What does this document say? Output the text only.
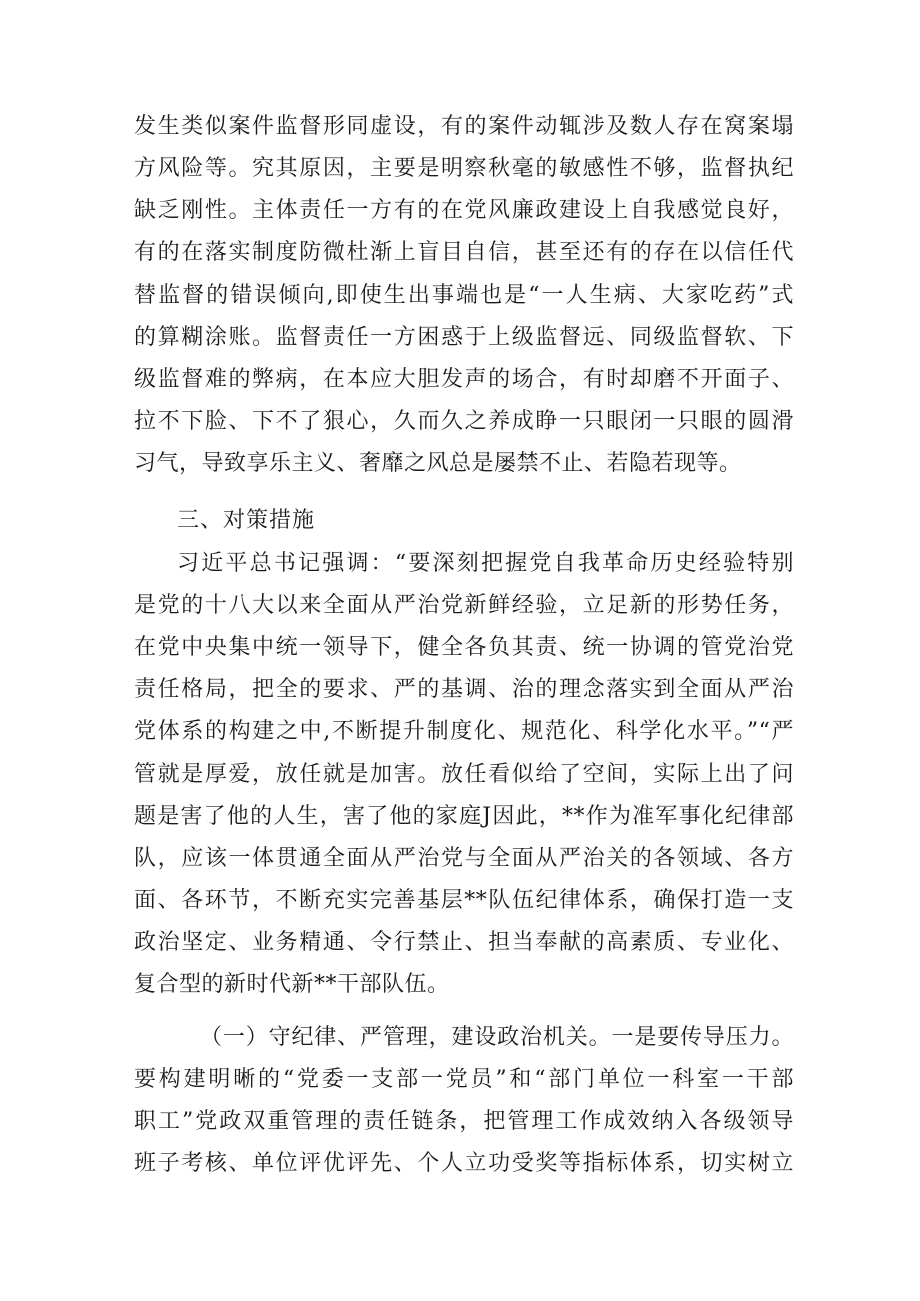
发生类似案件监督形同虚设，有的案件动辄涉及数人存在窝案塌
方风险等。究其原因，主要是明察秋毫的敏感性不够，监督执纪
缺乏刚性。主体责任一方有的在党风廉政建设上自我感觉良好，
有的在落实制度防微杜渐上盲目自信，甚至还有的存在以信任代
替监督的错误倾向,即使生出事端也是“一人生病、大家吃药”式
的算糊涂账。监督责任一方困惑于上级监督远、同级监督软、下
级监督难的弊病，在本应大胆发声的场合，有时却磨不开面子、
拉不下脸、下不了狠心，久而久之养成睁一只眼闭一只眼的圆滑
习气，导致享乐主义、奢靡之风总是屡禁不止、若隐若现等。
三、对策措施
习近平总书记强调：“要深刻把握党自我革命历史经验特别
是党的十八大以来全面从严治党新鲜经验，立足新的形势任务，
在党中央集中统一领导下，健全各负其责、统一协调的管党治党
责任格局，把全的要求、严的基调、治的理念落实到全面从严治
党体系的构建之中,不断提升制度化、规范化、科学化水平。”“严
管就是厚爱，放任就是加害。放任看似给了空间，实际上出了问
题是害了他的人生，害了他的家庭J因此，**作为准军事化纪律部
队，应该一体贯通全面从严治党与全面从严治关的各领域、各方
面、各环节，不断充实完善基层**队伍纪律体系，确保打造一支
政治坚定、业务精通、令行禁止、担当奉献的高素质、专业化、
复合型的新时代新**干部队伍。
（一）守纪律、严管理，建设政治机关。一是要传导压力。
要构建明晰的“党委一支部一党员”和“部门单位一科室一干部
职工”党政双重管理的责任链条，把管理工作成效纳入各级领导
班子考核、单位评优评先、个人立功受奖等指标体系，切实树立
